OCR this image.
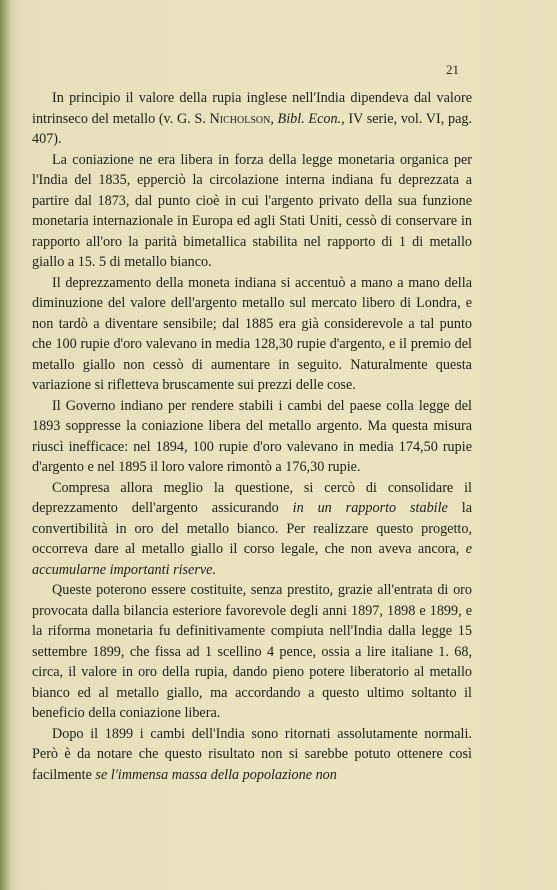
21

In principio il valore della rupia inglese nell'India dipendeva dal valore intrinseco del metallo (v. G. S. Nicholson, Bibl. Econ., IV serie, vol. VI, pag. 407).

La coniazione ne era libera in forza della legge monetaria organica per l'India del 1835, epperciò la circolazione interna indiana fu deprezzata a partire dal 1873, dal punto cioè in cui l'argento privato della sua funzione monetaria internazionale in Europa ed agli Stati Uniti, cessò di conservare in rapporto all'oro la parità bimetallica stabilita nel rapporto di 1 di metallo giallo a 15. 5 di metallo bianco.

Il deprezzamento della moneta indiana si accentuò a mano a mano della diminuzione del valore dell'argento metallo sul mercato libero di Londra, e non tardò a diventare sensibile; dal 1885 era già considerevole a tal punto che 100 rupie d'oro valevano in media 128,30 rupie d'argento, e il premio del metallo giallo non cessò di aumentare in seguito. Naturalmente questa variazione si rifletteva bruscamente sui prezzi delle cose.

Il Governo indiano per rendere stabili i cambi del paese colla legge del 1893 soppresse la coniazione libera del metallo argento. Ma questa misura riuscì inefficace: nel 1894, 100 rupie d'oro valevano in media 174,50 rupie d'argento e nel 1895 il loro valore rimontò a 176,30 rupie.

Compresa allora meglio la questione, si cercò di consolidare il deprezzamento dell'argento assicurando in un rapporto stabile la convertibilità in oro del metallo bianco. Per realizzare questo progetto, occorreva dare al metallo giallo il corso legale, che non aveva ancora, e accumularne importanti riserve.

Queste poterono essere costituite, senza prestito, grazie all'entrata di oro provocata dalla bilancia esteriore favorevole degli anni 1897, 1898 e 1899, e la riforma monetaria fu definitivamente compiuta nell'India dalla legge 15 settembre 1899, che fissa ad 1 scellino 4 pence, ossia a lire italiane 1. 68, circa, il valore in oro della rupia, dando pieno potere liberatorio al metallo bianco ed al metallo giallo, ma accordando a questo ultimo soltanto il beneficio della coniazione libera.

Dopo il 1899 i cambi dell'India sono ritornati assolutamente normali. Però è da notare che questo risultato non si sarebbe potuto ottenere così facilmente se l'immensa massa della popolazione non
